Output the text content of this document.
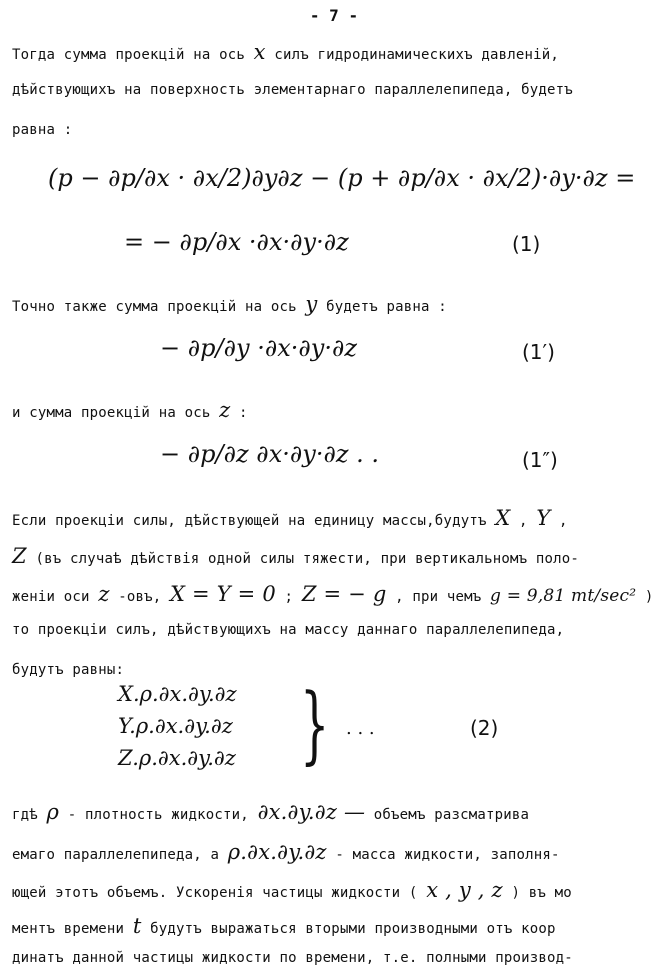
- 7 -
Тогда сумма проекцій на ось x силъ гидродинамическихъ давленій,
дѣйствующихъ на поверхность элементарнаго параллелепипеда, будетъ
равна :
(p − ∂p/∂x · ∂x/2)∂y∂z − (p + ∂p/∂x · ∂x/2)·∂y·∂z =
= − ∂p/∂x ·∂x·∂y·∂z	(1)
Точно также сумма проекцій на ось y будетъ равна :
− ∂p/∂y ·∂x·∂y·∂z	(1′)
и сумма проекцій на ось z :
− ∂p/∂z ∂x·∂y·∂z . .	(1″)
Если проекціи силы, дѣйствующей на единицу массы,будутъ X , Y ,
Z (въ случаѣ дѣйствія одной силы тяжести, при вертикальномъ поло-
женіи оси z -овъ, X = Y = 0 ; Z = − g , при чемъ g = 9,81 mt/sec² )
то проекціи силъ, дѣйствующихъ на массу даннаго параллелепипеда,
будутъ равны:
X.ρ.∂x.∂y.∂z
Y.ρ.∂x.∂y.∂z
Z.ρ.∂x.∂y.∂z } . . .	(2)
гдѣ ρ - плотность жидкости, ∂x.∂y.∂z — объемъ разсматрива
емаго параллелепипеда, а ρ.∂x.∂y.∂z - масса жидкости, заполня-
ющей этотъ объемъ. Ускоренія частицы жидкости ( x , y , z ) въ мо
ментъ времени t будутъ выражаться вторыми производными отъ коор
динатъ данной частицы жидкости по времени, т.е. полными производ-
